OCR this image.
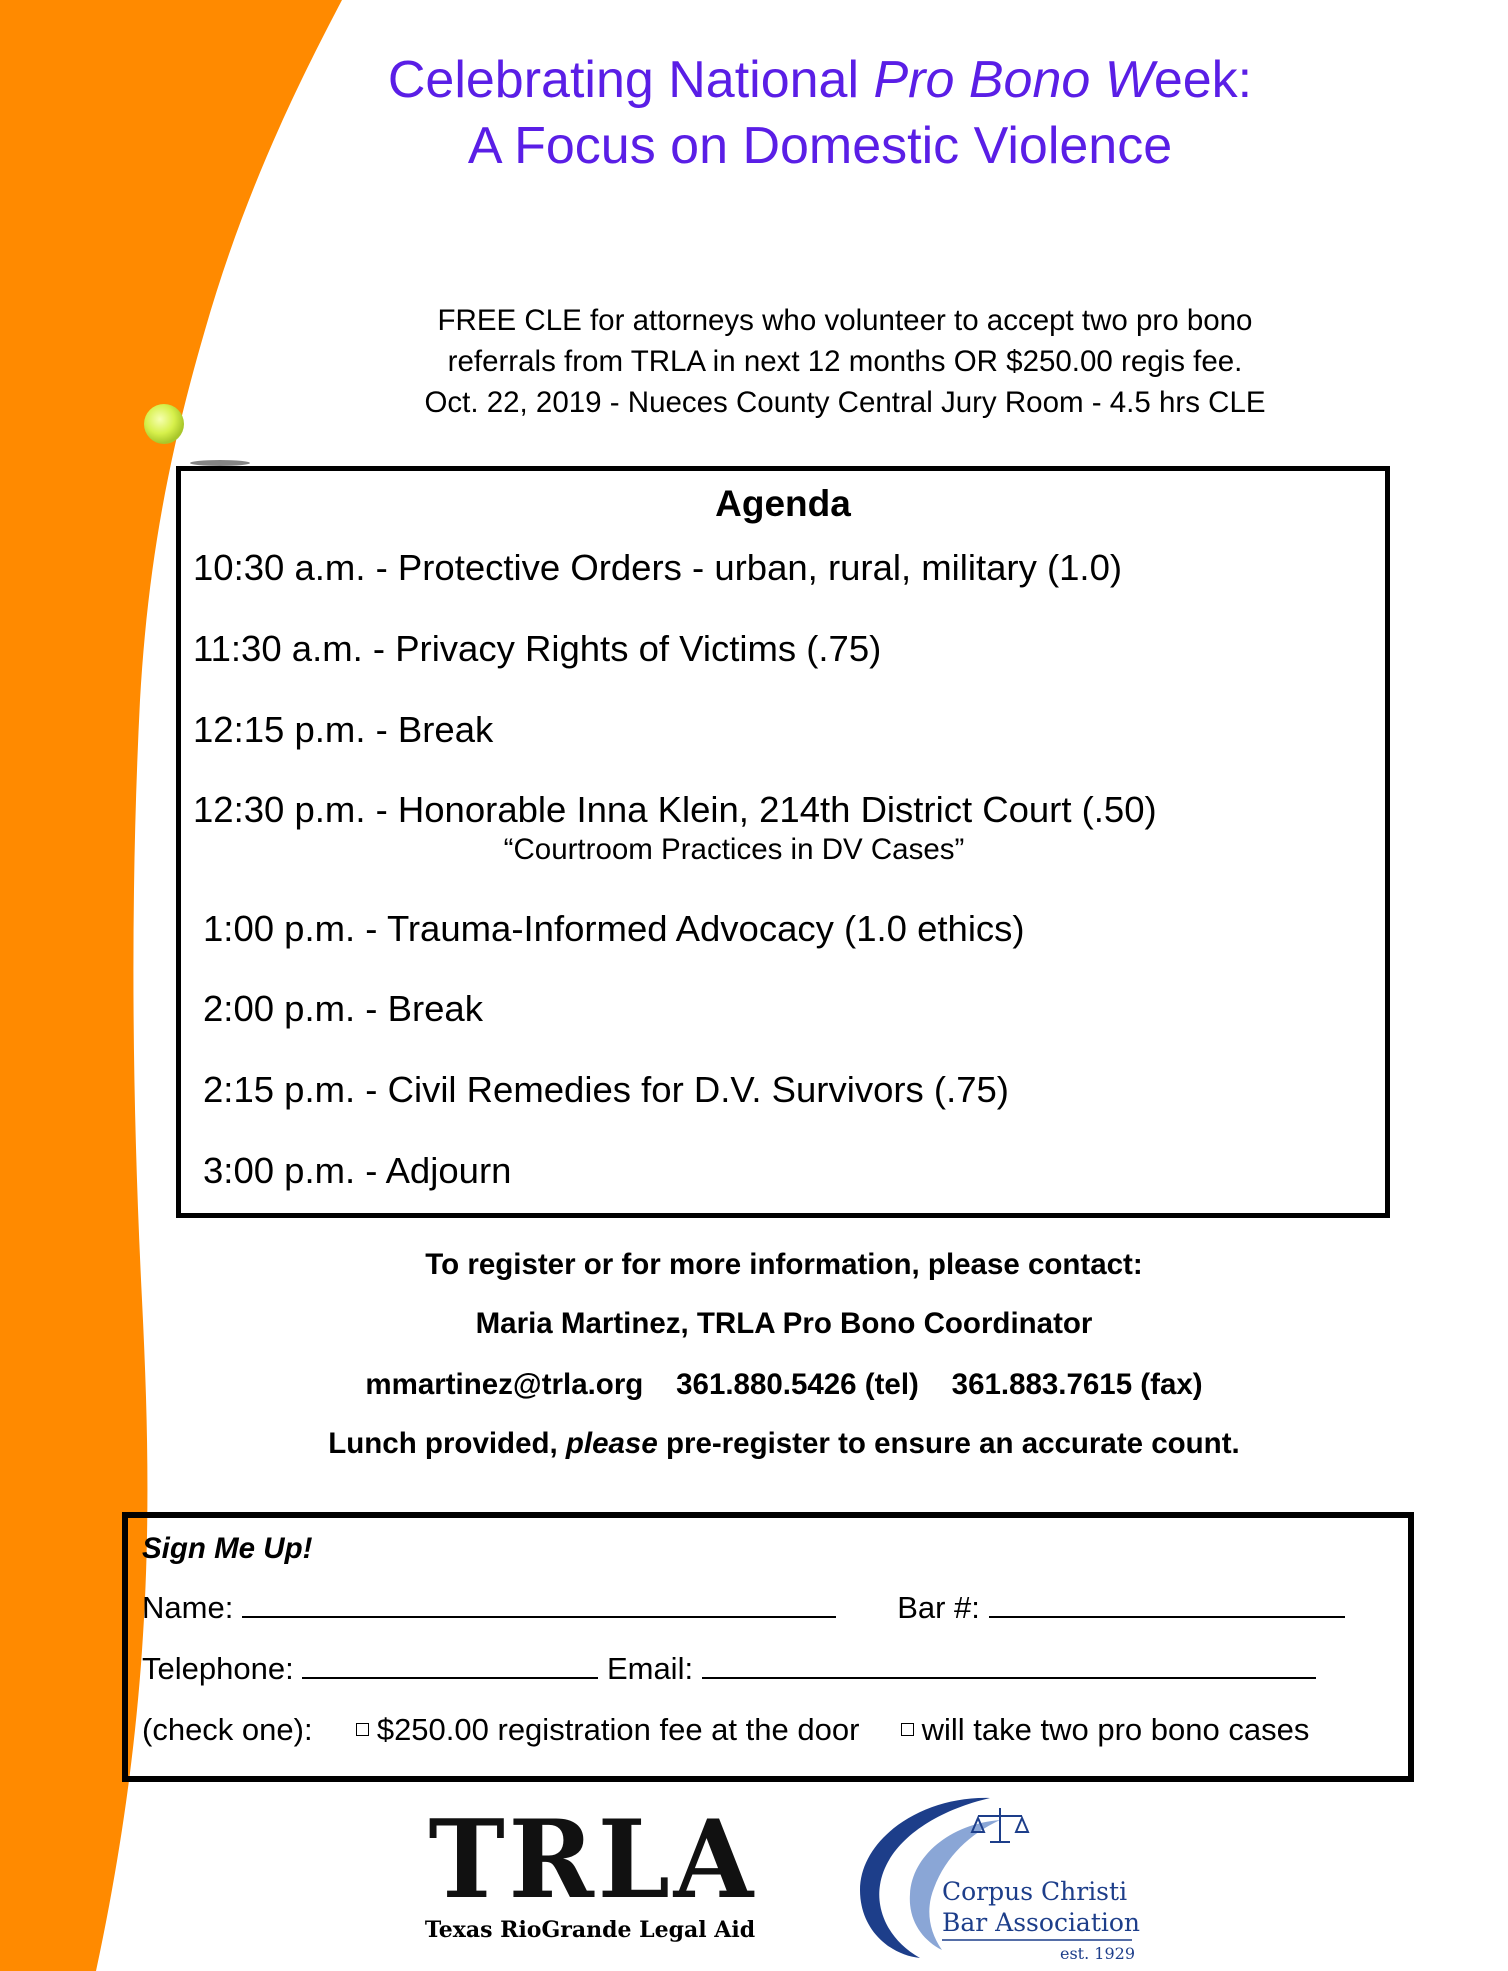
Celebrating National Pro Bono Week:
A Focus on Domestic Violence
FREE CLE for attorneys who volunteer to accept two pro bono
referrals from TRLA in next 12 months OR $250.00 regis fee.
Oct. 22, 2019 - Nueces County Central Jury Room - 4.5 hrs CLE
Agenda
10:30 a.m. - Protective Orders - urban, rural, military (1.0)
11:30 a.m. - Privacy Rights of Victims (.75)
12:15 p.m. - Break
12:30 p.m. - Honorable Inna Klein, 214th District Court (.50)
“Courtroom Practices in DV Cases”
1:00 p.m. - Trauma-Informed Advocacy (1.0 ethics)
2:00 p.m. - Break
2:15 p.m. - Civil Remedies for D.V. Survivors (.75)
3:00 p.m. - Adjourn
To register or for more information, please contact:
Maria Martinez, TRLA Pro Bono Coordinator
mmartinez@trla.org 361.880.5426 (tel) 361.883.7615 (fax)
Lunch provided, please pre-register to ensure an accurate count.
Sign Me Up!
Name:	Bar #:
Telephone:	Email:
(check one): $250.00 registration fee at the door will take two pro bono cases
TRLA
Texas RioGrande Legal Aid
Corpus Christi
Bar Association
est. 1929
